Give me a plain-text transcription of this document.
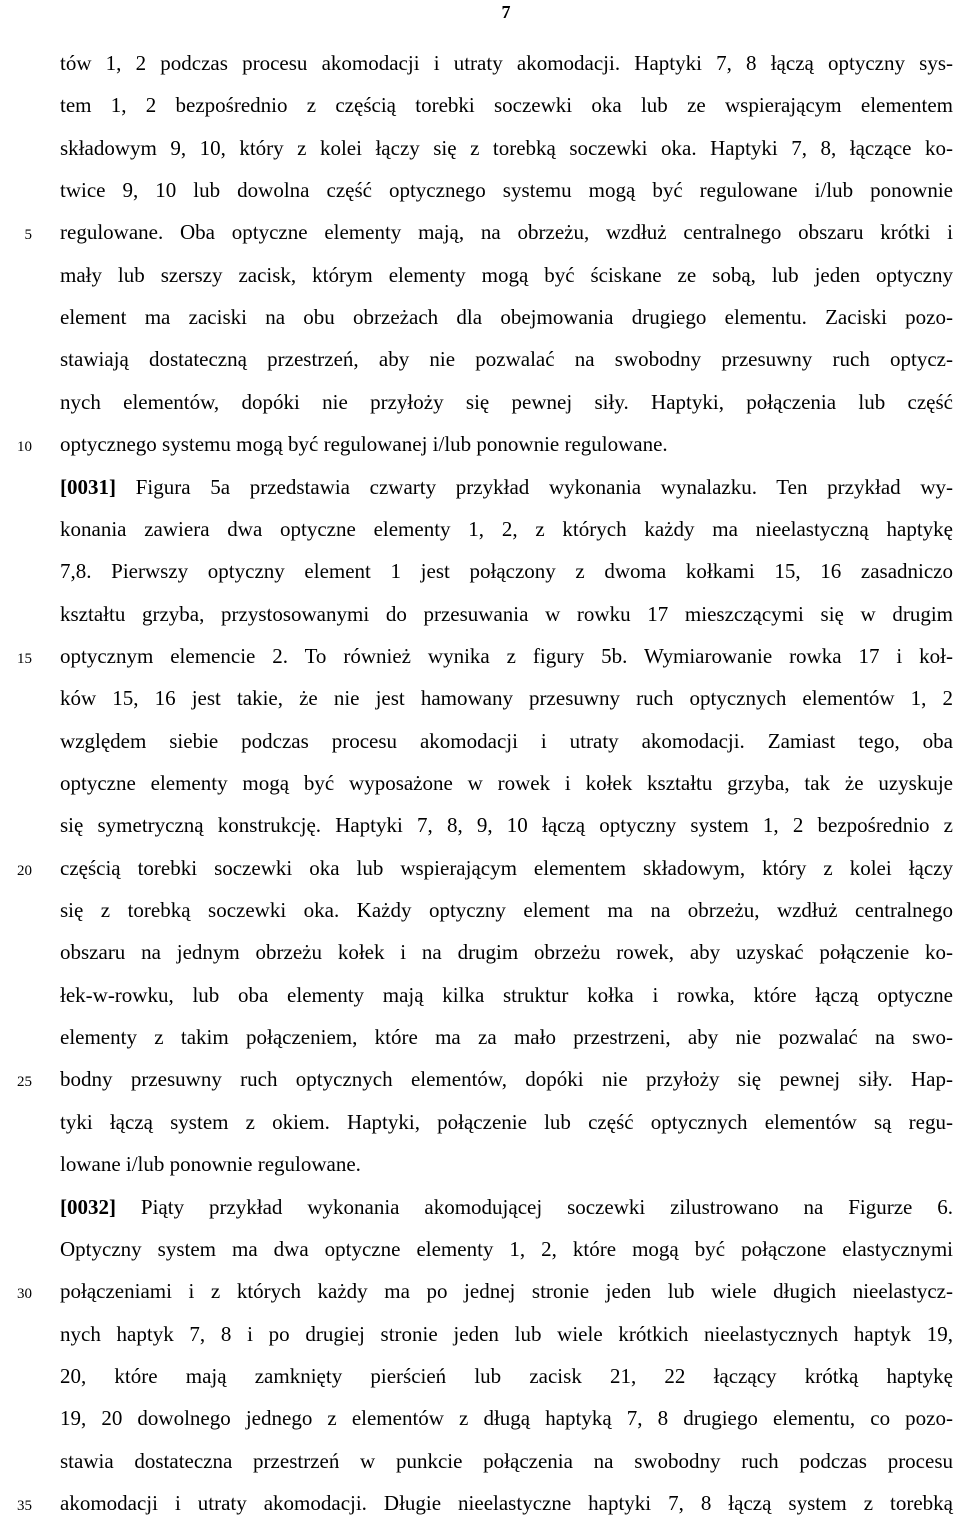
7
5
10
15
20
25
30
35
tów 1, 2 podczas procesu akomodacji i utraty akomodacji. Haptyki 7, 8 łączą optyczny sys-
tem 1, 2 bezpośrednio z częścią torebki soczewki oka lub ze wspierającym elementem
składowym 9, 10, który z kolei łączy się z torebką soczewki oka. Haptyki 7, 8, łączące ko-
twice 9, 10 lub dowolna część optycznego systemu mogą być regulowane i/lub ponownie
regulowane. Oba optyczne elementy mają, na obrzeżu, wzdłuż centralnego obszaru krótki i
mały lub szerszy zacisk, którym elementy mogą być ściskane ze sobą, lub jeden optyczny
element ma zaciski na obu obrzeżach dla obejmowania drugiego elementu. Zaciski pozo-
stawiają dostateczną przestrzeń, aby nie pozwalać na swobodny przesuwny ruch optycz-
nych elementów, dopóki nie przyłoży się pewnej siły. Haptyki, połączenia lub część
optycznego systemu mogą być regulowanej i/lub ponownie regulowane.
[0031] Figura 5a przedstawia czwarty przykład wykonania wynalazku. Ten przykład wy-
konania zawiera dwa optyczne elementy 1, 2, z których każdy ma nieelastyczną haptykę
7,8. Pierwszy optyczny element 1 jest połączony z dwoma kołkami 15, 16 zasadniczo
kształtu grzyba, przystosowanymi do przesuwania w rowku 17 mieszczącymi się w drugim
optycznym elemencie 2. To również wynika z figury 5b. Wymiarowanie rowka 17 i koł-
ków 15, 16 jest takie, że nie jest hamowany przesuwny ruch optycznych elementów 1, 2
względem siebie podczas procesu akomodacji i utraty akomodacji. Zamiast tego, oba
optyczne elementy mogą być wyposażone w rowek i kołek kształtu grzyba, tak że uzyskuje
się symetryczną konstrukcję. Haptyki 7, 8, 9, 10 łączą optyczny system 1, 2 bezpośrednio z
częścią torebki soczewki oka lub wspierającym elementem składowym, który z kolei łączy
się z torebką soczewki oka. Każdy optyczny element ma na obrzeżu, wzdłuż centralnego
obszaru na jednym obrzeżu kołek i na drugim obrzeżu rowek, aby uzyskać połączenie ko-
łek-w-rowku, lub oba elementy mają kilka struktur kołka i rowka, które łączą optyczne
elementy z takim połączeniem, które ma za mało przestrzeni, aby nie pozwalać na swo-
bodny przesuwny ruch optycznych elementów, dopóki nie przyłoży się pewnej siły. Hap-
tyki łączą system z okiem. Haptyki, połączenie lub część optycznych elementów są regu-
lowane i/lub ponownie regulowane.
[0032] Piąty przykład wykonania akomodującej soczewki zilustrowano na Figurze 6.
Optyczny system ma dwa optyczne elementy 1, 2, które mogą być połączone elastycznymi
połączeniami i z których każdy ma po jednej stronie jeden lub wiele długich nieelastycz-
nych haptyk 7, 8 i po drugiej stronie jeden lub wiele krótkich nieelastycznych haptyk 19,
20, które mają zamknięty pierścień lub zacisk 21, 22 łączący krótką haptykę
19, 20 dowolnego jednego z elementów z długą haptyką 7, 8 drugiego elementu, co pozo-
stawia dostateczna przestrzeń w punkcie połączenia na swobodny ruch podczas procesu
akomodacji i utraty akomodacji. Długie nieelastyczne haptyki 7, 8 łączą system z torebką
